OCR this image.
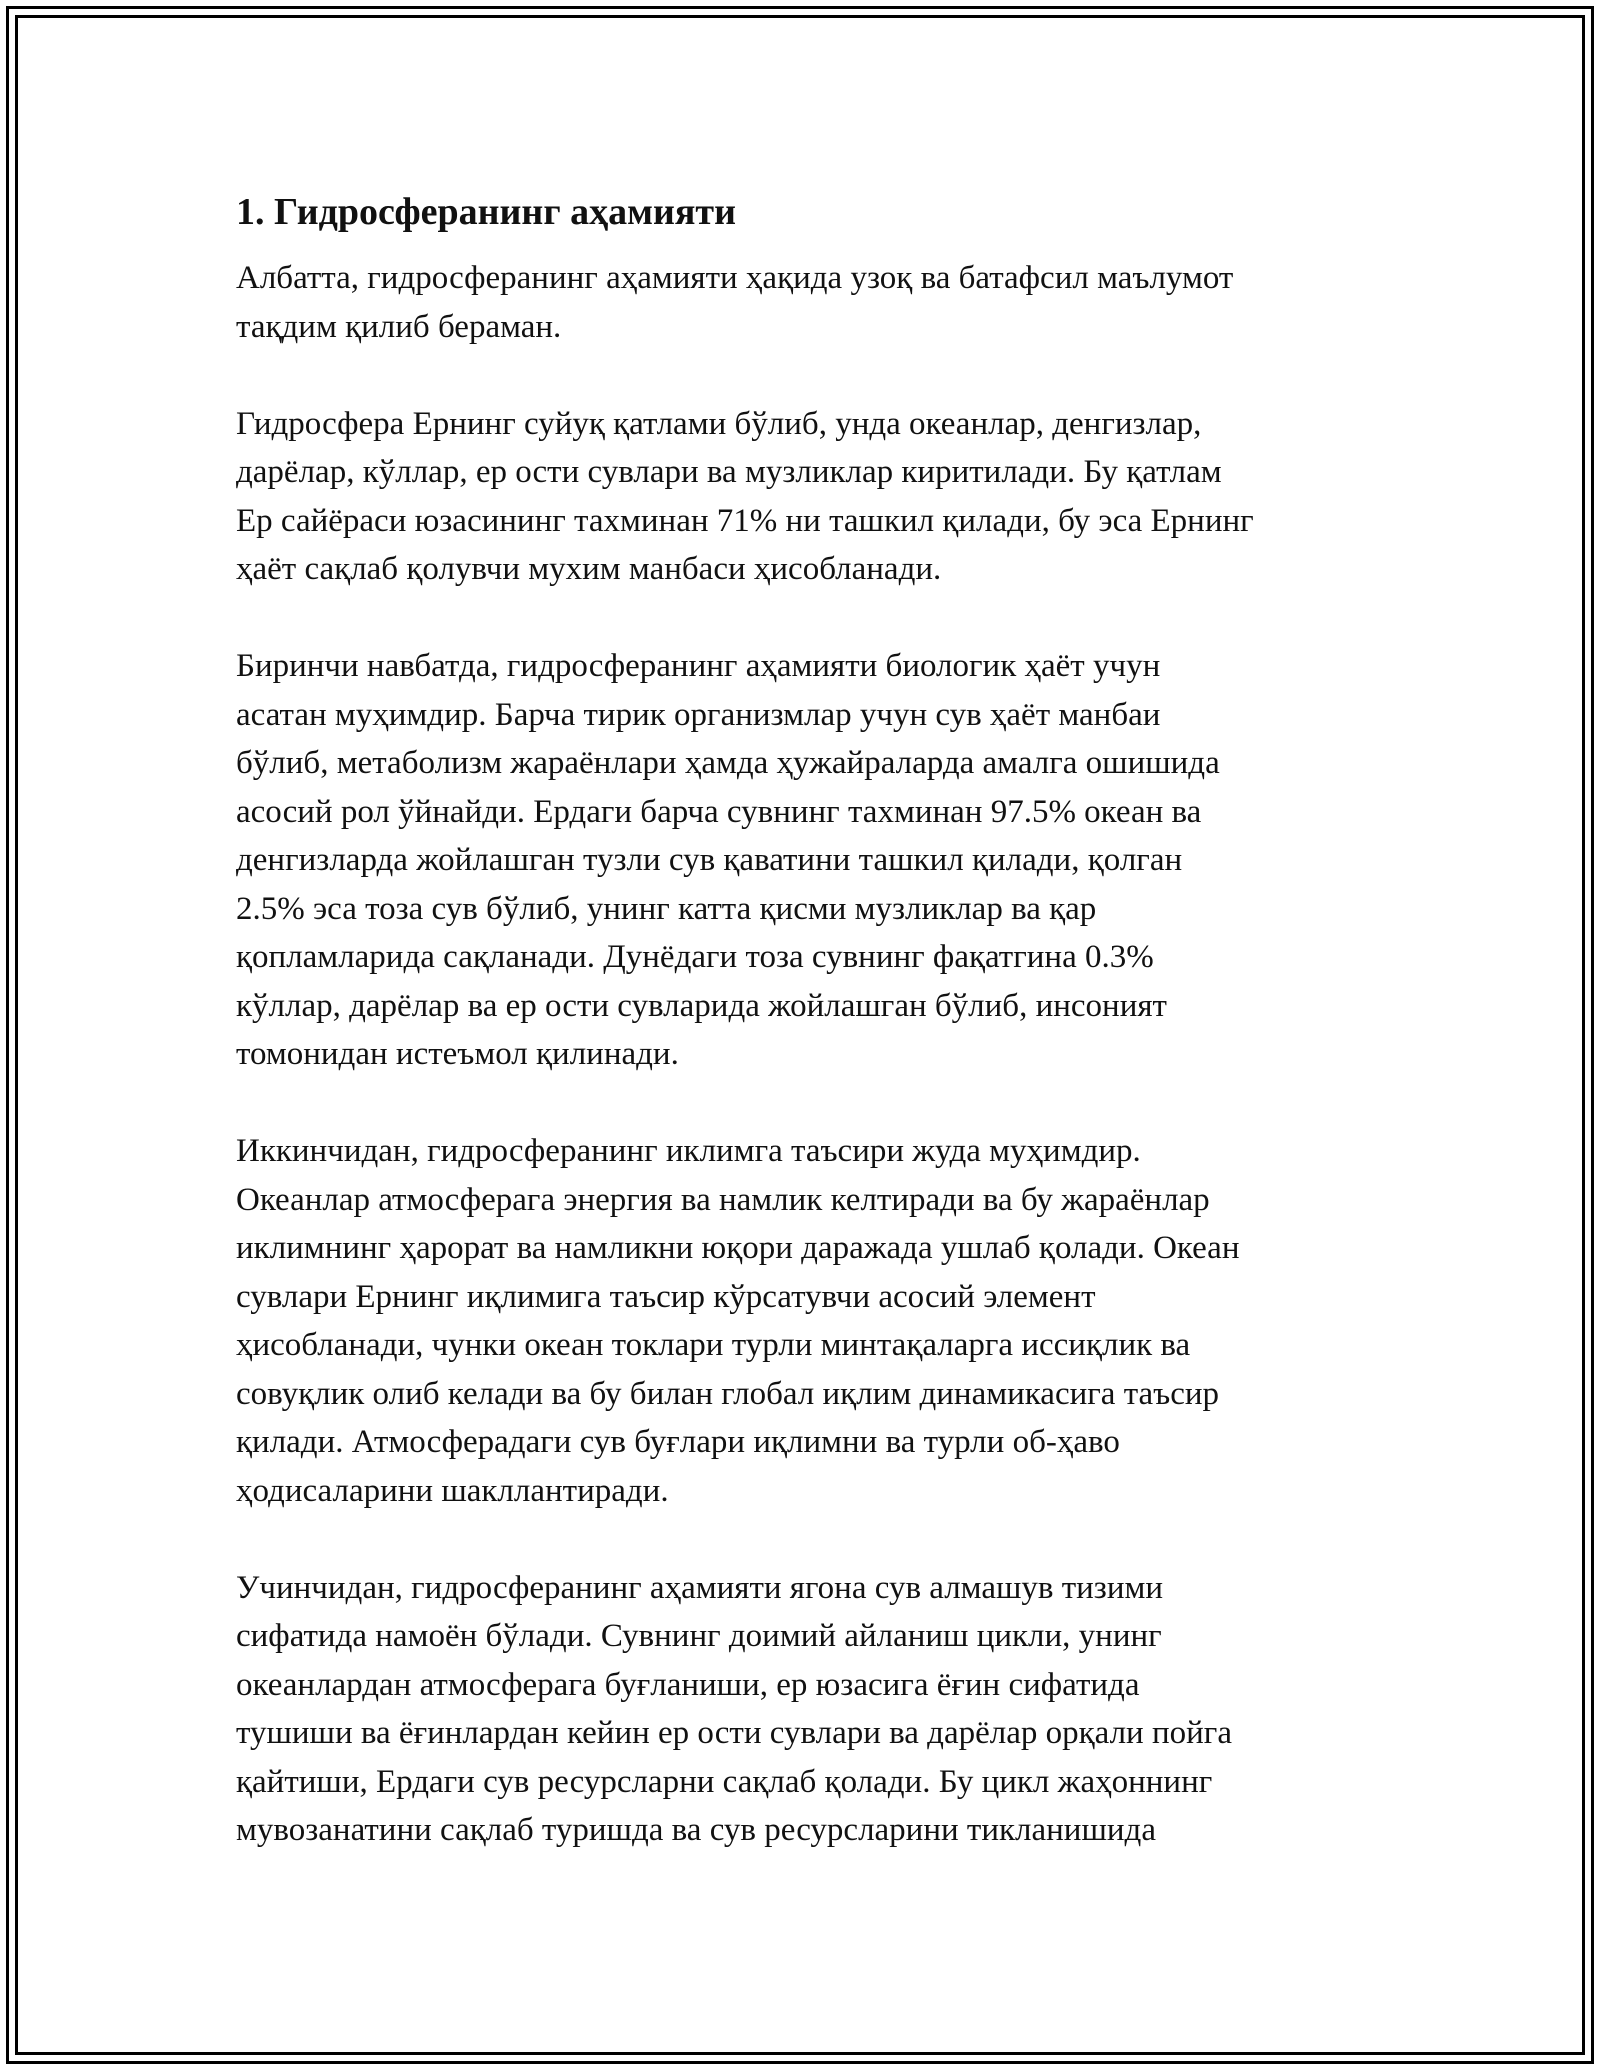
1. Гидросферанинг аҳамияти
Албатта, гидросферанинг аҳамияти ҳақида узоқ ва батафсил маълумот
тақдим қилиб бераман.
Гидросфера Ернинг суйуқ қатлами бўлиб, унда океанлар, денгизлар,
дарёлар, кўллар, ер ости сувлари ва музликлар киритилади. Бу қатлам
Ер сайёраси юзасининг тахминан 71% ни ташкил қилади, бу эса Ернинг
ҳаёт сақлаб қолувчи мухим манбаси ҳисобланади.
Биринчи навбатда, гидросферанинг аҳамияти биологик ҳаёт учун
асатан муҳимдир. Барча тирик организмлар учун сув ҳаёт манбаи
бўлиб, метаболизм жараёнлари ҳамда ҳужайраларда амалга ошишида
асосий рол ўйнайди. Ердаги барча сувнинг тахминан 97.5% океан ва
денгизларда жойлашган тузли сув қаватини ташкил қилади, қолган
2.5% эса тоза сув бўлиб, унинг катта қисми музликлар ва қар
қопламларида сақланади. Дунёдаги тоза сувнинг фақатгина 0.3%
кўллар, дарёлар ва ер ости сувларида жойлашган бўлиб, инсоният
томонидан истеъмол қилинади.
Иккинчидан, гидросферанинг иклимга таъсири жуда муҳимдир.
Океанлар атмосферага энергия ва намлик келтиради ва бу жараёнлар
иклимнинг ҳарорат ва намликни юқори даражада ушлаб қолади. Океан
сувлари Ернинг иқлимига таъсир кўрсатувчи асосий элемент
ҳисобланади, чунки океан токлари турли минтақаларга иссиқлик ва
совуқлик олиб келади ва бу билан глобал иқлим динамикасига таъсир
қилади. Атмосферадаги сув буғлари иқлимни ва турли об-ҳаво
ҳодисаларини шакллантиради.
Учинчидан, гидросферанинг аҳамияти ягона сув алмашув тизими
сифатида намоён бўлади. Сувнинг доимий айланиш цикли, унинг
океанлардан атмосферага буғланиши, ер юзасига ёғин сифатида
тушиши ва ёғинлардан кейин ер ости сувлари ва дарёлар орқали пойга
қайтиши, Ердаги сув ресурсларни сақлаб қолади. Бу цикл жаҳоннинг
мувозанатини сақлаб туришда ва сув ресурсларини тикланишида
